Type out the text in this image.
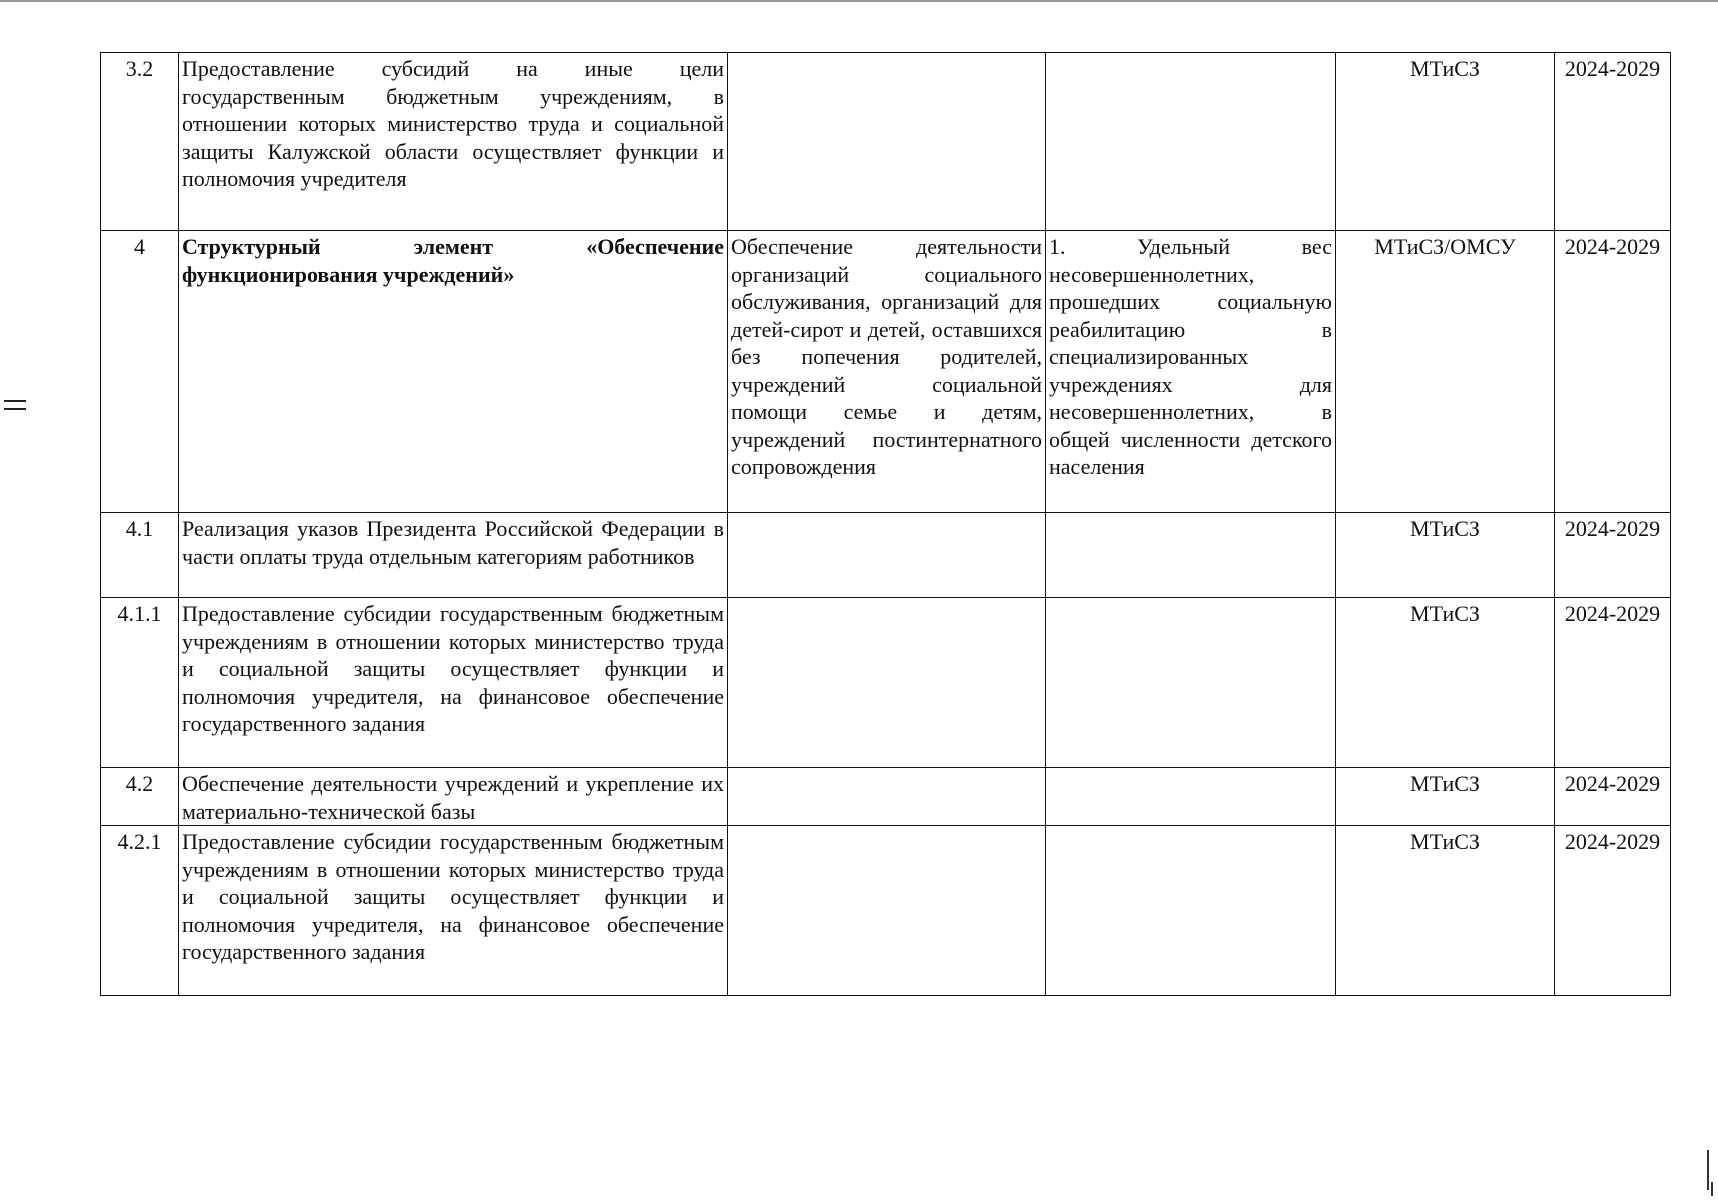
3.2	Предоставление субсидий на иные цели государственным бюджетным учреждениям, в отношении которых министерство труда и социальной защиты Калужской области осуществляет функции и полномочия учредителя			МТиСЗ	2024-2029
4	Структурный элемент «Обеспечение функционирования учреждений»	Обеспечение деятельности организаций социального обслуживания, организаций для детей-сирот и детей, оставшихся без попечения родителей, учреждений социальной помощи семье и детям, учреждений постинтернатного сопровождения	1. Удельный вес несовершеннолетних, прошедших социальную реабилитацию в специализированных учреждениях для несовершеннолетних, в общей численности детского населения	МТиСЗ/ОМСУ	2024-2029
4.1	Реализация указов Президента Российской Федерации в части оплаты труда отдельным категориям работников			МТиСЗ	2024-2029
4.1.1	Предоставление субсидии государственным бюджетным учреждениям в отношении которых министерство труда и социальной защиты осуществляет функции и полномочия учредителя, на финансовое обеспечение государственного задания			МТиСЗ	2024-2029
4.2	Обеспечение деятельности учреждений и укрепление их материально-технической базы			МТиСЗ	2024-2029
4.2.1	Предоставление субсидии государственным бюджетным учреждениям в отношении которых министерство труда и социальной защиты осуществляет функции и полномочия учредителя, на финансовое обеспечение государственного задания			МТиСЗ	2024-2029
